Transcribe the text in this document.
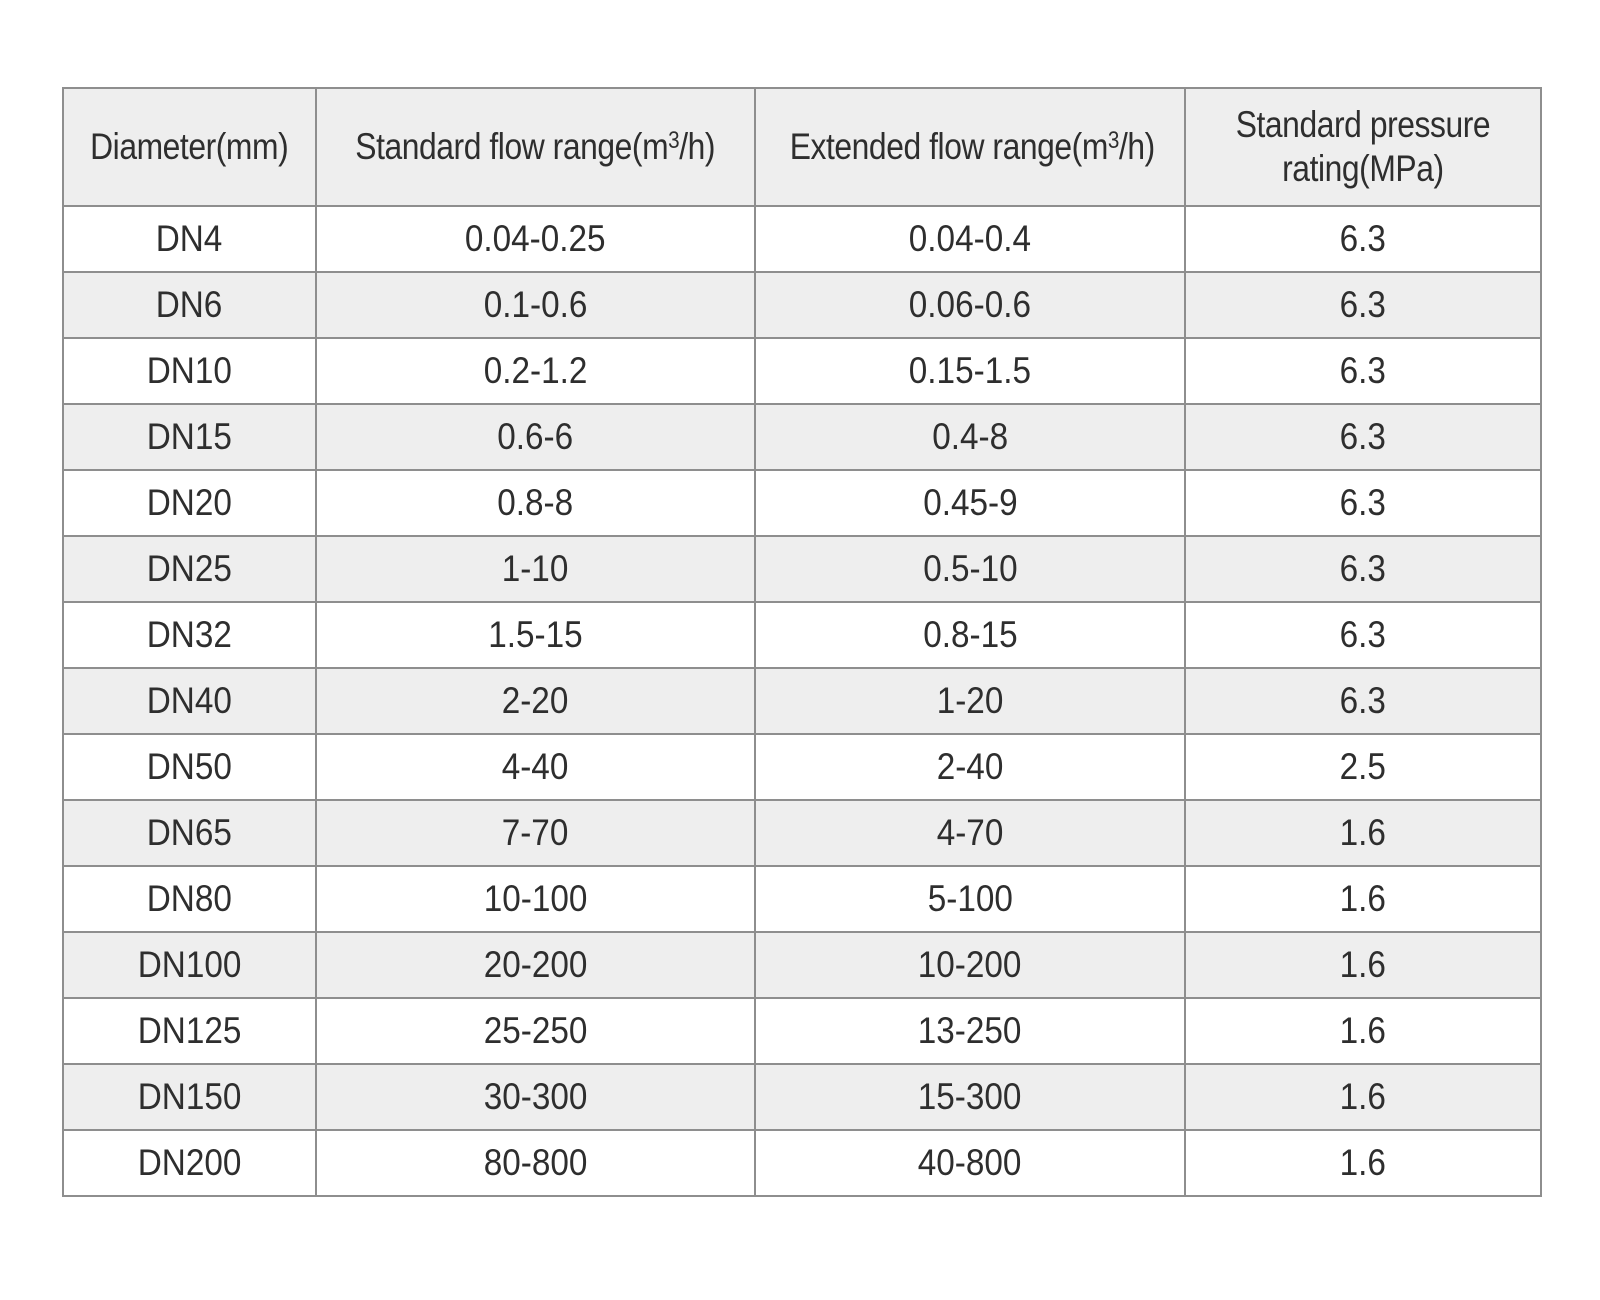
Diameter(mm)	Standard flow $range(m^3/h)$	Extended flow $range(m^3/h)$	Standard pressure
rating(MPa)
DN4	0.04-0.25	0.04-0.4	6.3
DN6	0.1-0.6	0.06-0.6	6.3
DN10	0.2-1.2	0.15-1.5	6.3
DN15	0.6-6	0.4-8	6.3
DN20	0.8-8	0.45-9	6.3
DN25	1-10	0.5-10	6.3
DN32	1.5-15	0.8-15	6.3
DN40	2-20	1-20	6.3
DN50	4-40	2-40	2.5
DN65	7-70	4-70	1.6
DN80	10-100	5-100	1.6
DN100	20-200	10-200	1.6
DN125	25-250	13-250	1.6
DN150	30-300	15-300	1.6
DN200	80-800	40-800	1.6
